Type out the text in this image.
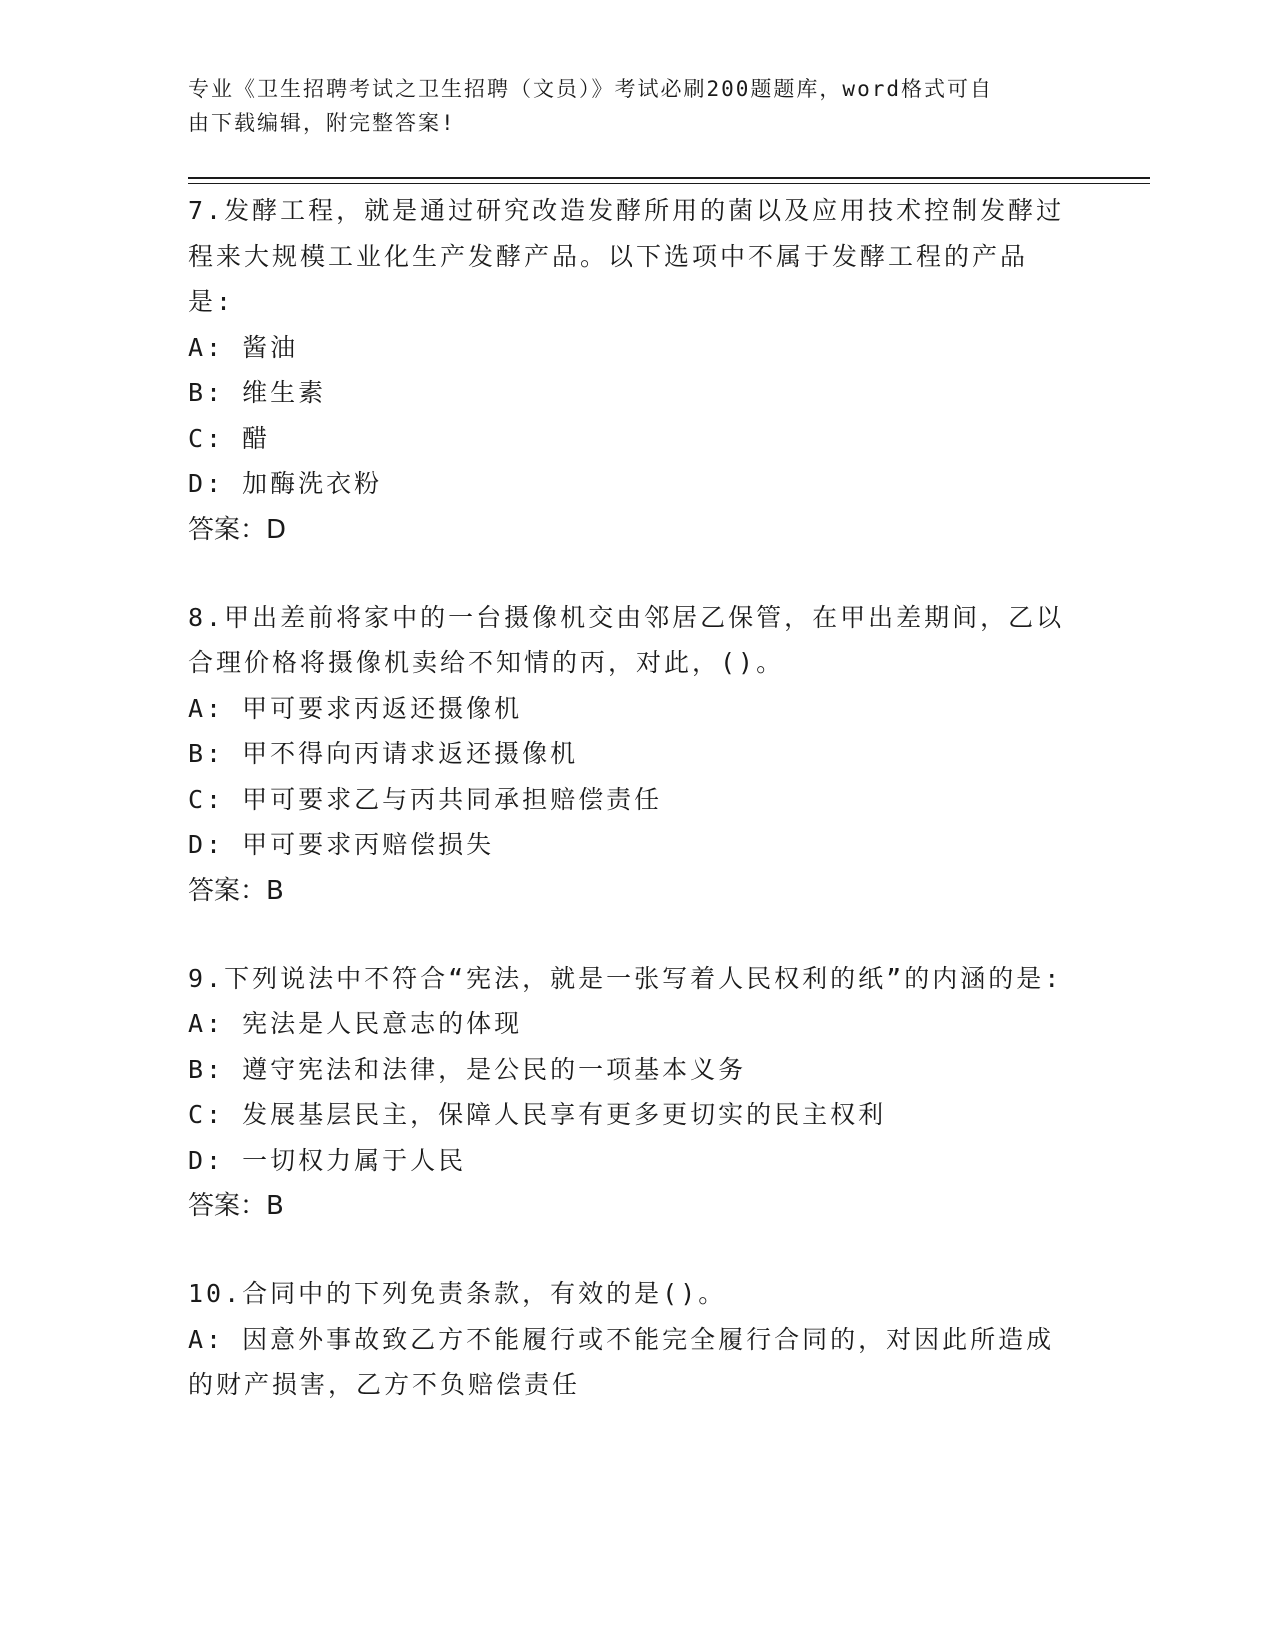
专业《卫生招聘考试之卫生招聘（文员）》考试必刷200题题库，word格式可自
由下载编辑，附完整答案!

7.发酵工程，就是通过研究改造发酵所用的菌以及应用技术控制发酵过程来大规模工业化生产发酵产品。以下选项中不属于发酵工程的产品是:

A: 酱油

B: 维生素

C: 醋

D: 加酶洗衣粉

答案：D

8.甲出差前将家中的一台摄像机交由邻居乙保管，在甲出差期间，乙以合理价格将摄像机卖给不知情的丙，对此，()。

A: 甲可要求丙返还摄像机

B: 甲不得向丙请求返还摄像机

C: 甲可要求乙与丙共同承担赔偿责任

D: 甲可要求丙赔偿损失

答案：B

9.下列说法中不符合“宪法，就是一张写着人民权利的纸”的内涵的是:

A: 宪法是人民意志的体现

B: 遵守宪法和法律，是公民的一项基本义务

C: 发展基层民主，保障人民享有更多更切实的民主权利

D: 一切权力属于人民

答案：B

10.合同中的下列免责条款，有效的是()。

A: 因意外事故致乙方不能履行或不能完全履行合同的，对因此所造成的财产损害，乙方不负赔偿责任
